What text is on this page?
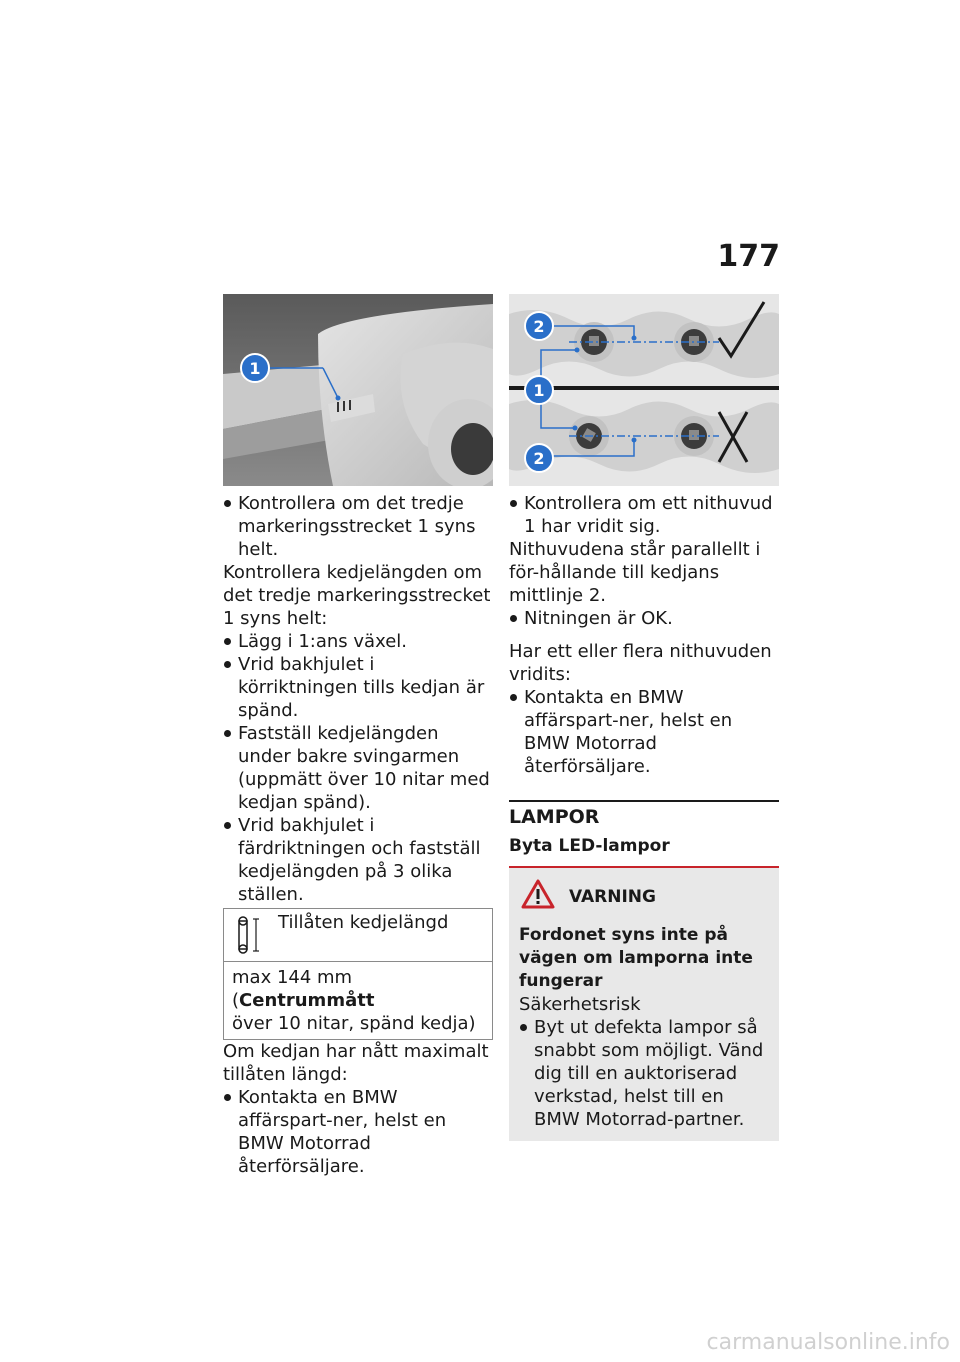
177
1
Kontrollera om det tredje markeringsstrecket 1 syns helt.

Kontrollera kedjelängden om det tredje markeringsstrecket 1 syns helt:

Lägg i 1:ans växel.
Vrid bakhjulet i körriktningen tills kedjan är spänd.
Fastställ kedjelängden under bakre svingarmen (uppmätt över 10 nitar med kedjan spänd).
Vrid bakhjulet i färdriktningen och fastställ kedjelängden på 3 olika ställen.
Tillåten kedjelängd
max 144 mm (Centrummått
över 10 nitar, spänd kedja)

Om kedjan har nått maximalt tillåten längd:

Kontakta en BMW affärspart-ner, helst en BMW Motorrad återförsäljare.
2
1
2
Kontrollera om ett nithuvud 1 har vridit sig.

Nithuvudena står parallellt i för-hållande till kedjans mittlinje 2.

Nitningen är OK.

Har ett eller flera nithuvuden vridits:

Kontakta en BMW affärspart-ner, helst en BMW Motorrad återförsäljare.
LAMPOR
Byta LED-lampor
VARNING
Fordonet syns inte på vägen om lamporna inte fungerar
Säkerhetsrisk
Byt ut defekta lampor så snabbt som möjligt. Vänd dig till en auktoriserad verkstad, helst till en BMW Motorrad-partner.
carmanualsonline.info
